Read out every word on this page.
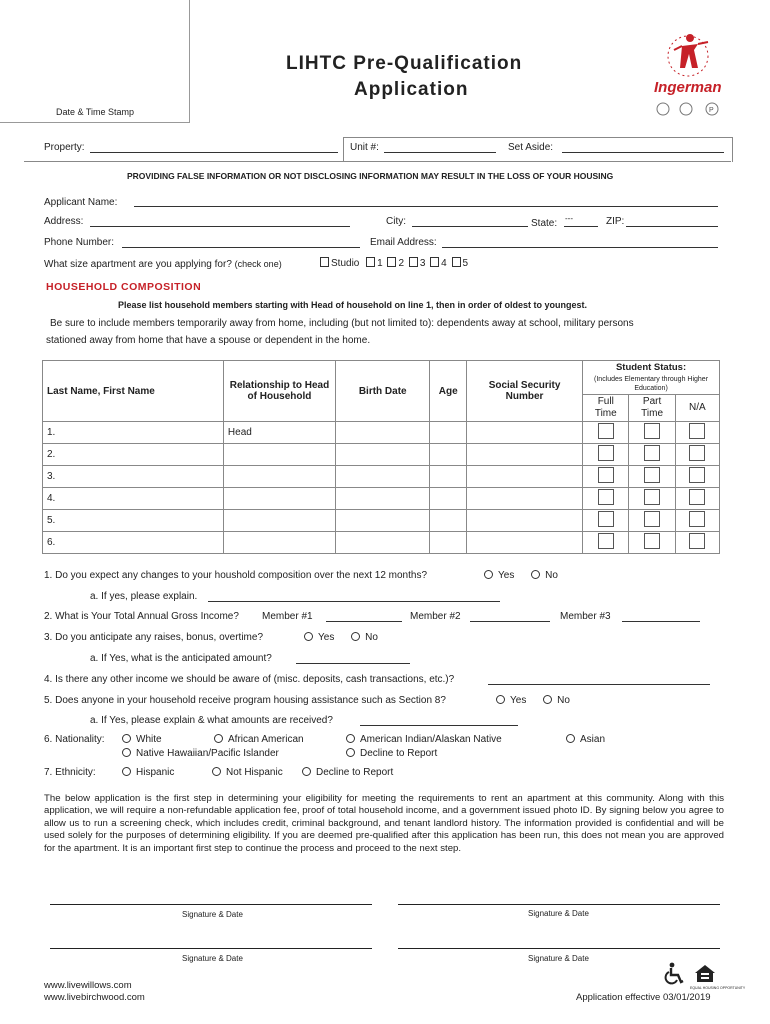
Date & Time Stamp
LIHTC Pre-Qualification
Application
P
Ingerman
Property:	Unit #:	Set Aside:
PROVIDING FALSE INFORMATION OR NOT DISCLOSING INFORMATION MAY RESULT IN THE LOSS OF YOUR HOUSING
Applicant Name:
Address:	City:	State: ---	ZIP:
Phone Number:	Email Address:
What size apartment are you applying for? (check one)	Studio 1 2 3 4 5
HOUSEHOLD COMPOSITION
Please list household members starting with Head of household on line 1, then in order of oldest to youngest.
Be sure to include members temporarily away from home, including (but not limited to): dependents away at school, military persons
stationed away from home that have a spouse or dependent in the home.
Last Name, First Name	Relationship to Head of Household	Birth Date	Age	Social Security Number	Student Status:		
					(Includes Elementary through Higher Education)		
					Full Time	Part Time	N/A
1.	Head						
2.							
3.							
4.							
5.							
6.							
1. Do you expect any changes to your houshold composition over the next 12 months?	Yes	No
a. If yes, please explain.
2. What is Your Total Annual Gross Income? Member #1	Member #2	Member #3
3. Do you anticipate any raises, bonus, overtime?	Yes	No
a. If Yes, what is the anticipated amount?
4. Is there any other income we should be aware of (misc. deposits, cash transactions, etc.)?
5. Does anyone in your household receive program housing assistance such as Section 8?	Yes	No
a. If Yes, please explain & what amounts are received?
6. Nationality:	White	African American	American Indian/Alaskan Native	Asian
Native Hawaiian/Pacific Islander	Decline to Report
7. Ethnicity:	Hispanic	Not Hispanic	Decline to Report
The below application is the first step in determining your eligibility for meeting the requirements to rent an apartment at this community. Along with this application, we will require a non-refundable application fee, proof of total household income, and a government issued photo ID. By signing below you agree to allow us to run a screening check, which includes credit, criminal background, and tenant landlord history. The information provided is confidential and will be used solely for the purposes of determining eligibility. If you are deemed pre-qualified after this application has been run, this does not mean you are approved for the apartment. It is an important first step to continue the process and proceed to the next step.
Signature & Date	Signature & Date
Signature & Date	Signature & Date
www.livewillows.com
www.livebirchwood.com	Application effective 03/01/2019
EQUAL HOUSING OPPORTUNITY
